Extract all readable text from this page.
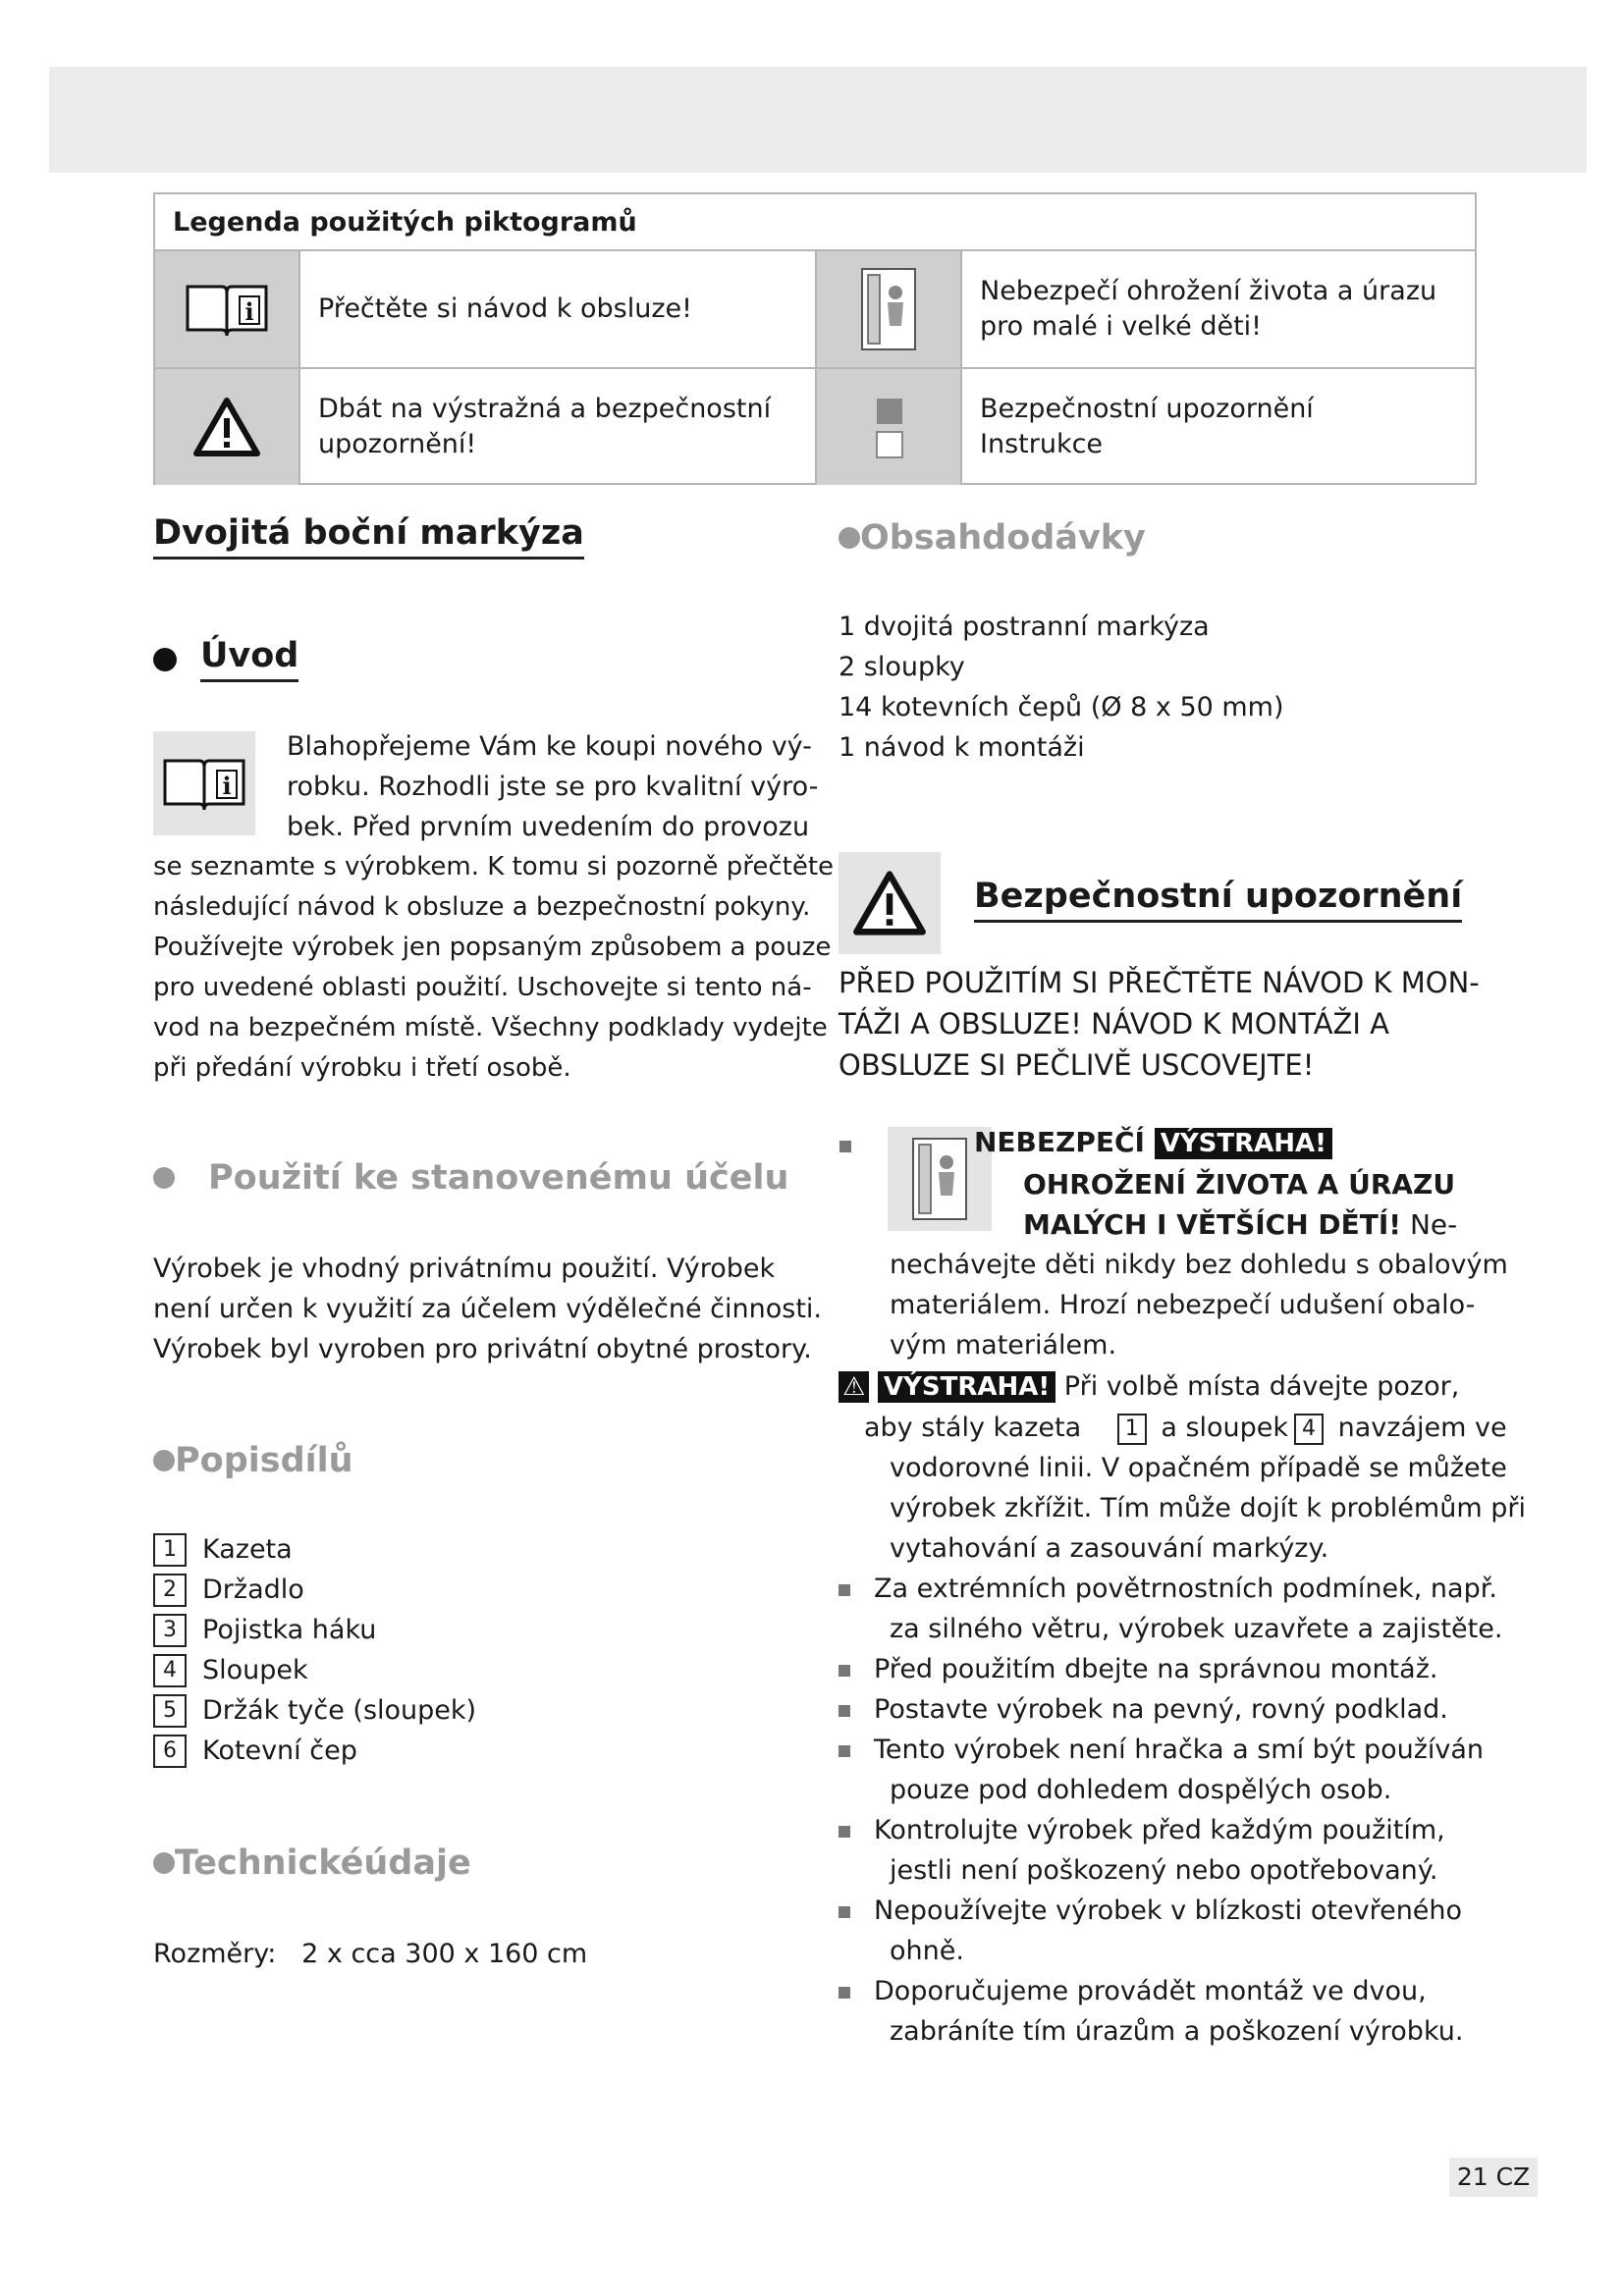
Legenda použitých piktogramů
i	Přečtěte si návod k obsluze!
Nebezpečí ohrožení života a úrazu pro malé i velké děti!
Dbát na výstražná a bezpečnostní upozornění!
Bezpečnostní upozornění
Instrukce
Dvojitá boční markýza
Úvod
i

Blahopřejeme Vám ke koupi nového vý-

robku. Rozhodli jste se pro kvalitní výro-

bek. Před prvním uvedením do provozu

se seznamte s výrobkem. K tomu si pozorně přečtěte

následující návod k obsluze a bezpečnostní pokyny.

Používejte výrobek jen popsaným způsobem a pouze

pro uvedené oblasti použití. Uschovejte si tento ná-

vod na bezpečném místě. Všechny podklady vydejte

při předání výrobku i třetí osobě.

Použití ke stanovenému účelu

Výrobek je vhodný privátnímu použití. Výrobek

není určen k využití za účelem výdělečné činnosti.

Výrobek byl vyroben pro privátní obytné prostory.

Popisdílů
1 Kazeta
2 Držadlo
3 Pojistka háku
4 Sloupek
5 Držák tyče (sloupek)
6 Kotevní čep
Technickéúdaje
Rozměry: 2 x cca 300 x 160 cm
Obsahdodávky

1 dvojitá postranní markýza

2 sloupky

14 kotevních čepů (Ø 8 x 50 mm)

1 návod k montáži

Bezpečnostní upozornění

PŘED POUŽITÍM SI PŘEČTĚTE NÁVOD K MON-

TÁŽI A OBSLUZE! NÁVOD K MONTÁŽI A

OBSLUZE SI PEČLIVĚ USCOVEJTE!

NEBEZPEČÍ VÝSTRAHA!

OHROŽENÍ ŽIVOTA A ÚRAZU

MALÝCH I VĚTŠÍCH DĚTÍ! Ne-

nechávejte děti nikdy bez dohledu s obalovým

materiálem. Hrozí nebezpečí udušení obalo-

vým materiálem.

⚠ VÝSTRAHA! Při volbě místa dávejte pozor,
aby stály kazeta 1 a sloupek 4 navzájem ve

vodorovné linii. V opačném případě se můžete

výrobek zkřížit. Tím může dojít k problémům při

vytahování a zasouvání markýzy.

Za extrémních povětrnostních podmínek, např.
za silného větru, výrobek uzavřete a zajistěte.
Před použitím dbejte na správnou montáž.
Postavte výrobek na pevný, rovný podklad.
Tento výrobek není hračka a smí být používán
pouze pod dohledem dospělých osob.
Kontrolujte výrobek před každým použitím,
jestli není poškozený nebo opotřebovaný.
Nepoužívejte výrobek v blízkosti otevřeného
ohně.
Doporučujeme provádět montáž ve dvou,
zabráníte tím úrazům a poškození výrobku.
21 CZ
